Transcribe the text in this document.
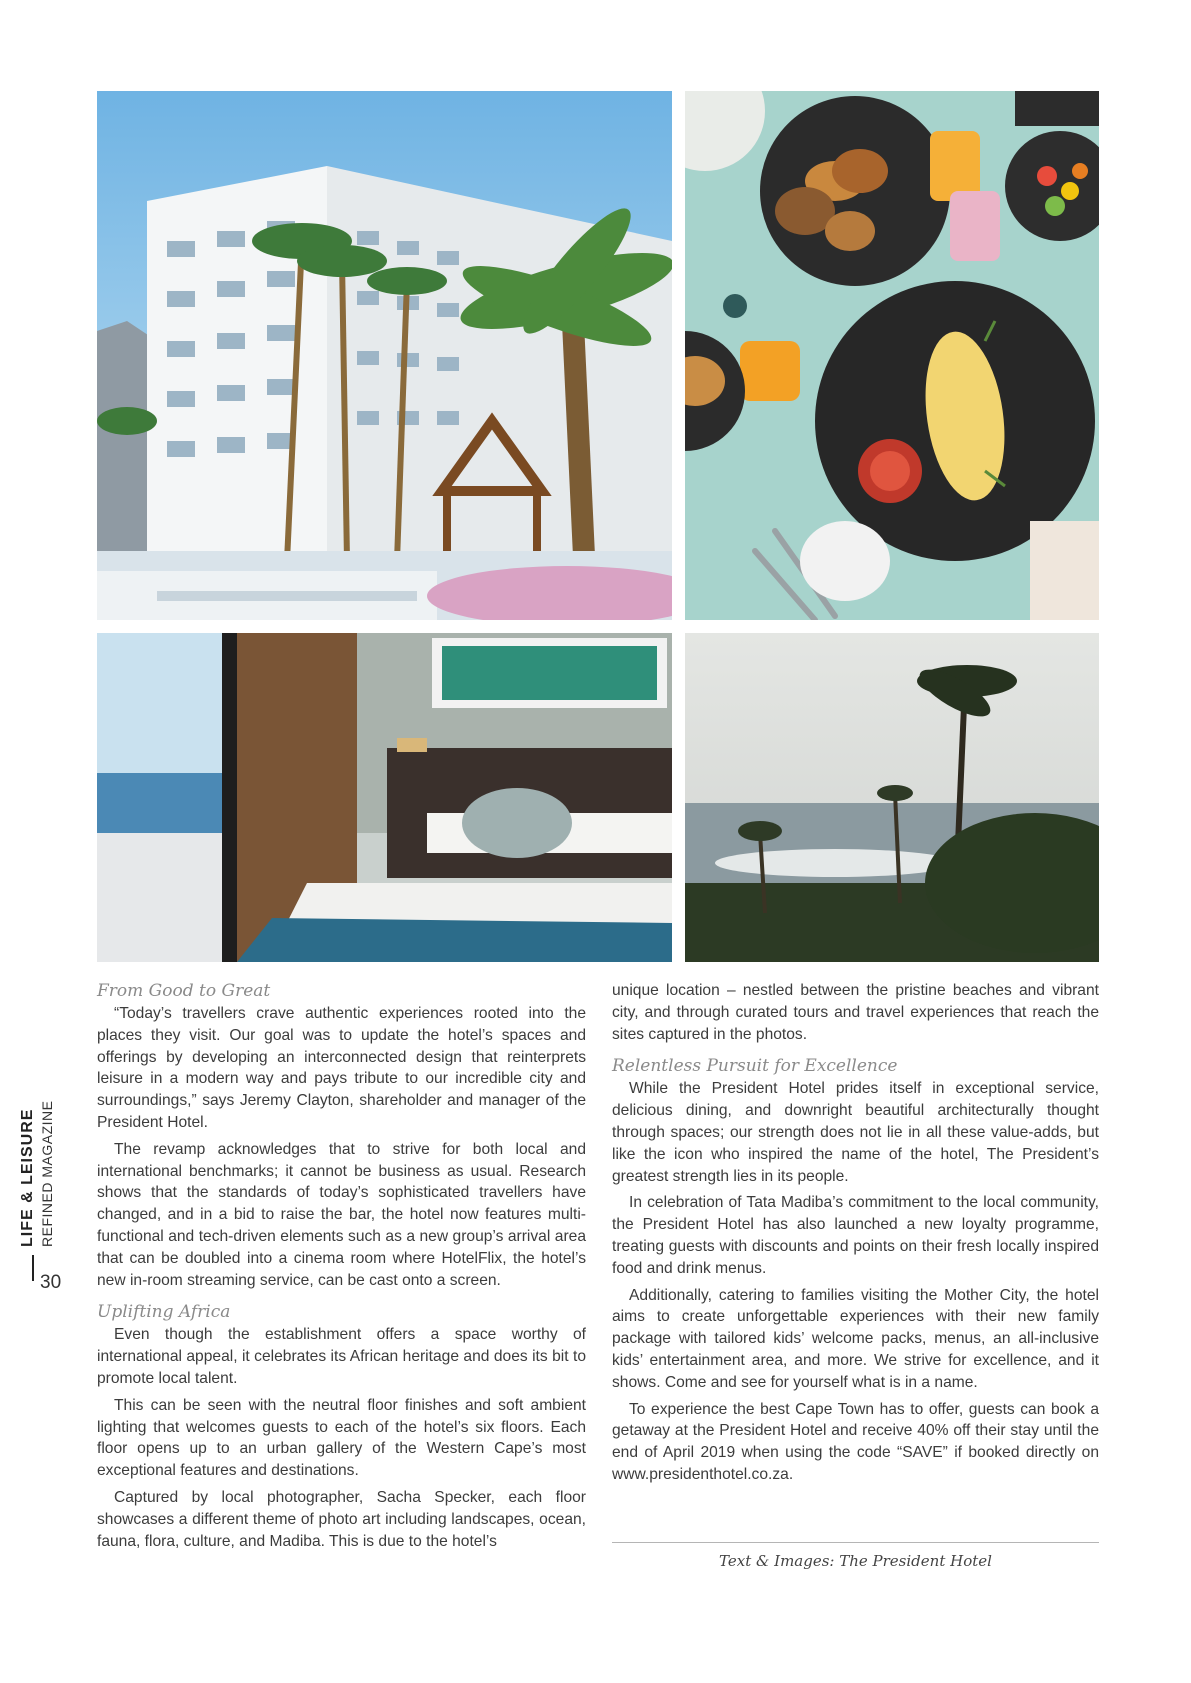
LIFE & LEISURE REFINED MAGAZINE
30
From Good to Great

“Today’s travellers crave authentic experiences rooted into the places they visit. Our goal was to update the hotel’s spaces and offerings by developing an interconnected design that reinterprets leisure in a modern way and pays tribute to our incredible city and surroundings,” says Jeremy Clayton, shareholder and manager of the President Hotel.

The revamp acknowledges that to strive for both local and international benchmarks; it cannot be business as usual. Research shows that the standards of today’s sophisticated travellers have changed, and in a bid to raise the bar, the hotel now features multi-functional and tech-driven elements such as a new group’s arrival area that can be doubled into a cinema room where HotelFlix, the hotel’s new in-room streaming service, can be cast onto a screen.

Uplifting Africa

Even though the establishment offers a space worthy of international appeal, it celebrates its African heritage and does its bit to promote local talent.

This can be seen with the neutral floor finishes and soft ambient lighting that welcomes guests to each of the hotel’s six floors. Each floor opens up to an urban gallery of the Western Cape’s most exceptional features and destinations.

Captured by local photographer, Sacha Specker, each floor showcases a different theme of photo art including landscapes, ocean, fauna, flora, culture, and Madiba. This is due to the hotel’s

unique location – nestled between the pristine beaches and vibrant city, and through curated tours and travel experiences that reach the sites captured in the photos.

Relentless Pursuit for Excellence

While the President Hotel prides itself in exceptional service, delicious dining, and downright beautiful architecturally thought through spaces; our strength does not lie in all these value-adds, but like the icon who inspired the name of the hotel, The President’s greatest strength lies in its people.

In celebration of Tata Madiba’s commitment to the local community, the President Hotel has also launched a new loyalty programme, treating guests with discounts and points on their fresh locally inspired food and drink menus.

Additionally, catering to families visiting the Mother City, the hotel aims to create unforgettable experiences with their new family package with tailored kids’ welcome packs, menus, an all-inclusive kids’ entertainment area, and more. We strive for excellence, and it shows. Come and see for yourself what is in a name.

To experience the best Cape Town has to offer, guests can book a getaway at the President Hotel and receive 40% off their stay until the end of April 2019 when using the code “SAVE” if booked directly on www.presidenthotel.co.za.

Text & Images: The President Hotel
